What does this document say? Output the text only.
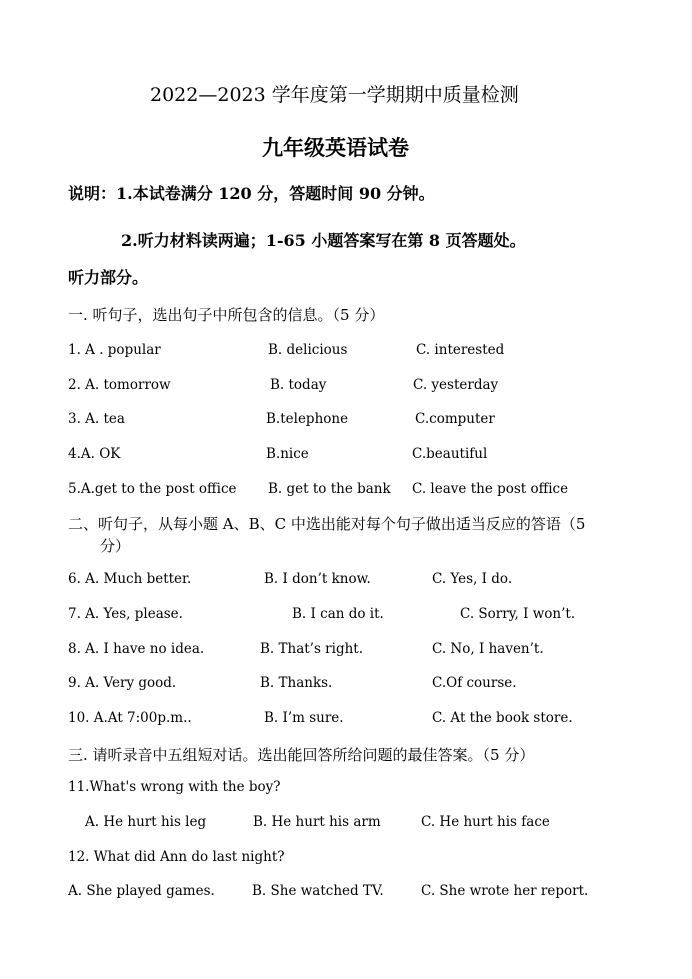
2022—2023 学年度第一学期期中质量检测
九年级英语试卷
说明：1.本试卷满分 120 分，答题时间 90 分钟。
2.听力材料读两遍；1-65 小题答案写在第 8 页答题处。
听力部分。
一. 听句子，选出句子中所包含的信息。（5 分）
1. A . popular	B. delicious	C. interested
2. A. tomorrow	B. today	C. yesterday
3. A. tea	B.telephone	C.computer
4.A. OK	B.nice	C.beautiful
5.A.get to the post office B. get to the bank C. leave the post office
二、听句子，从每小题 A、B、C 中选出能对每个句子做出适当反应的答语（5
分）
6. A. Much better.	B. I don’t know.	C. Yes, I do.
7. A. Yes, please.	B. I can do it.	C. Sorry, I won’t.
8. A. I have no idea.	B. That’s right.	C. No, I haven’t.
9. A. Very good.	B. Thanks.	C.Of course.
10. A.At 7:00p.m..	B. I’m sure.	C. At the book store.
三. 请听录音中五组短对话。选出能回答所给问题的最佳答案。（5 分）
11.What's wrong with the boy?
A. He hurt his leg	B. He hurt his arm	C. He hurt his face
12. What did Ann do last night?
A. She played games.	B. She watched TV.	C. She wrote her report.
